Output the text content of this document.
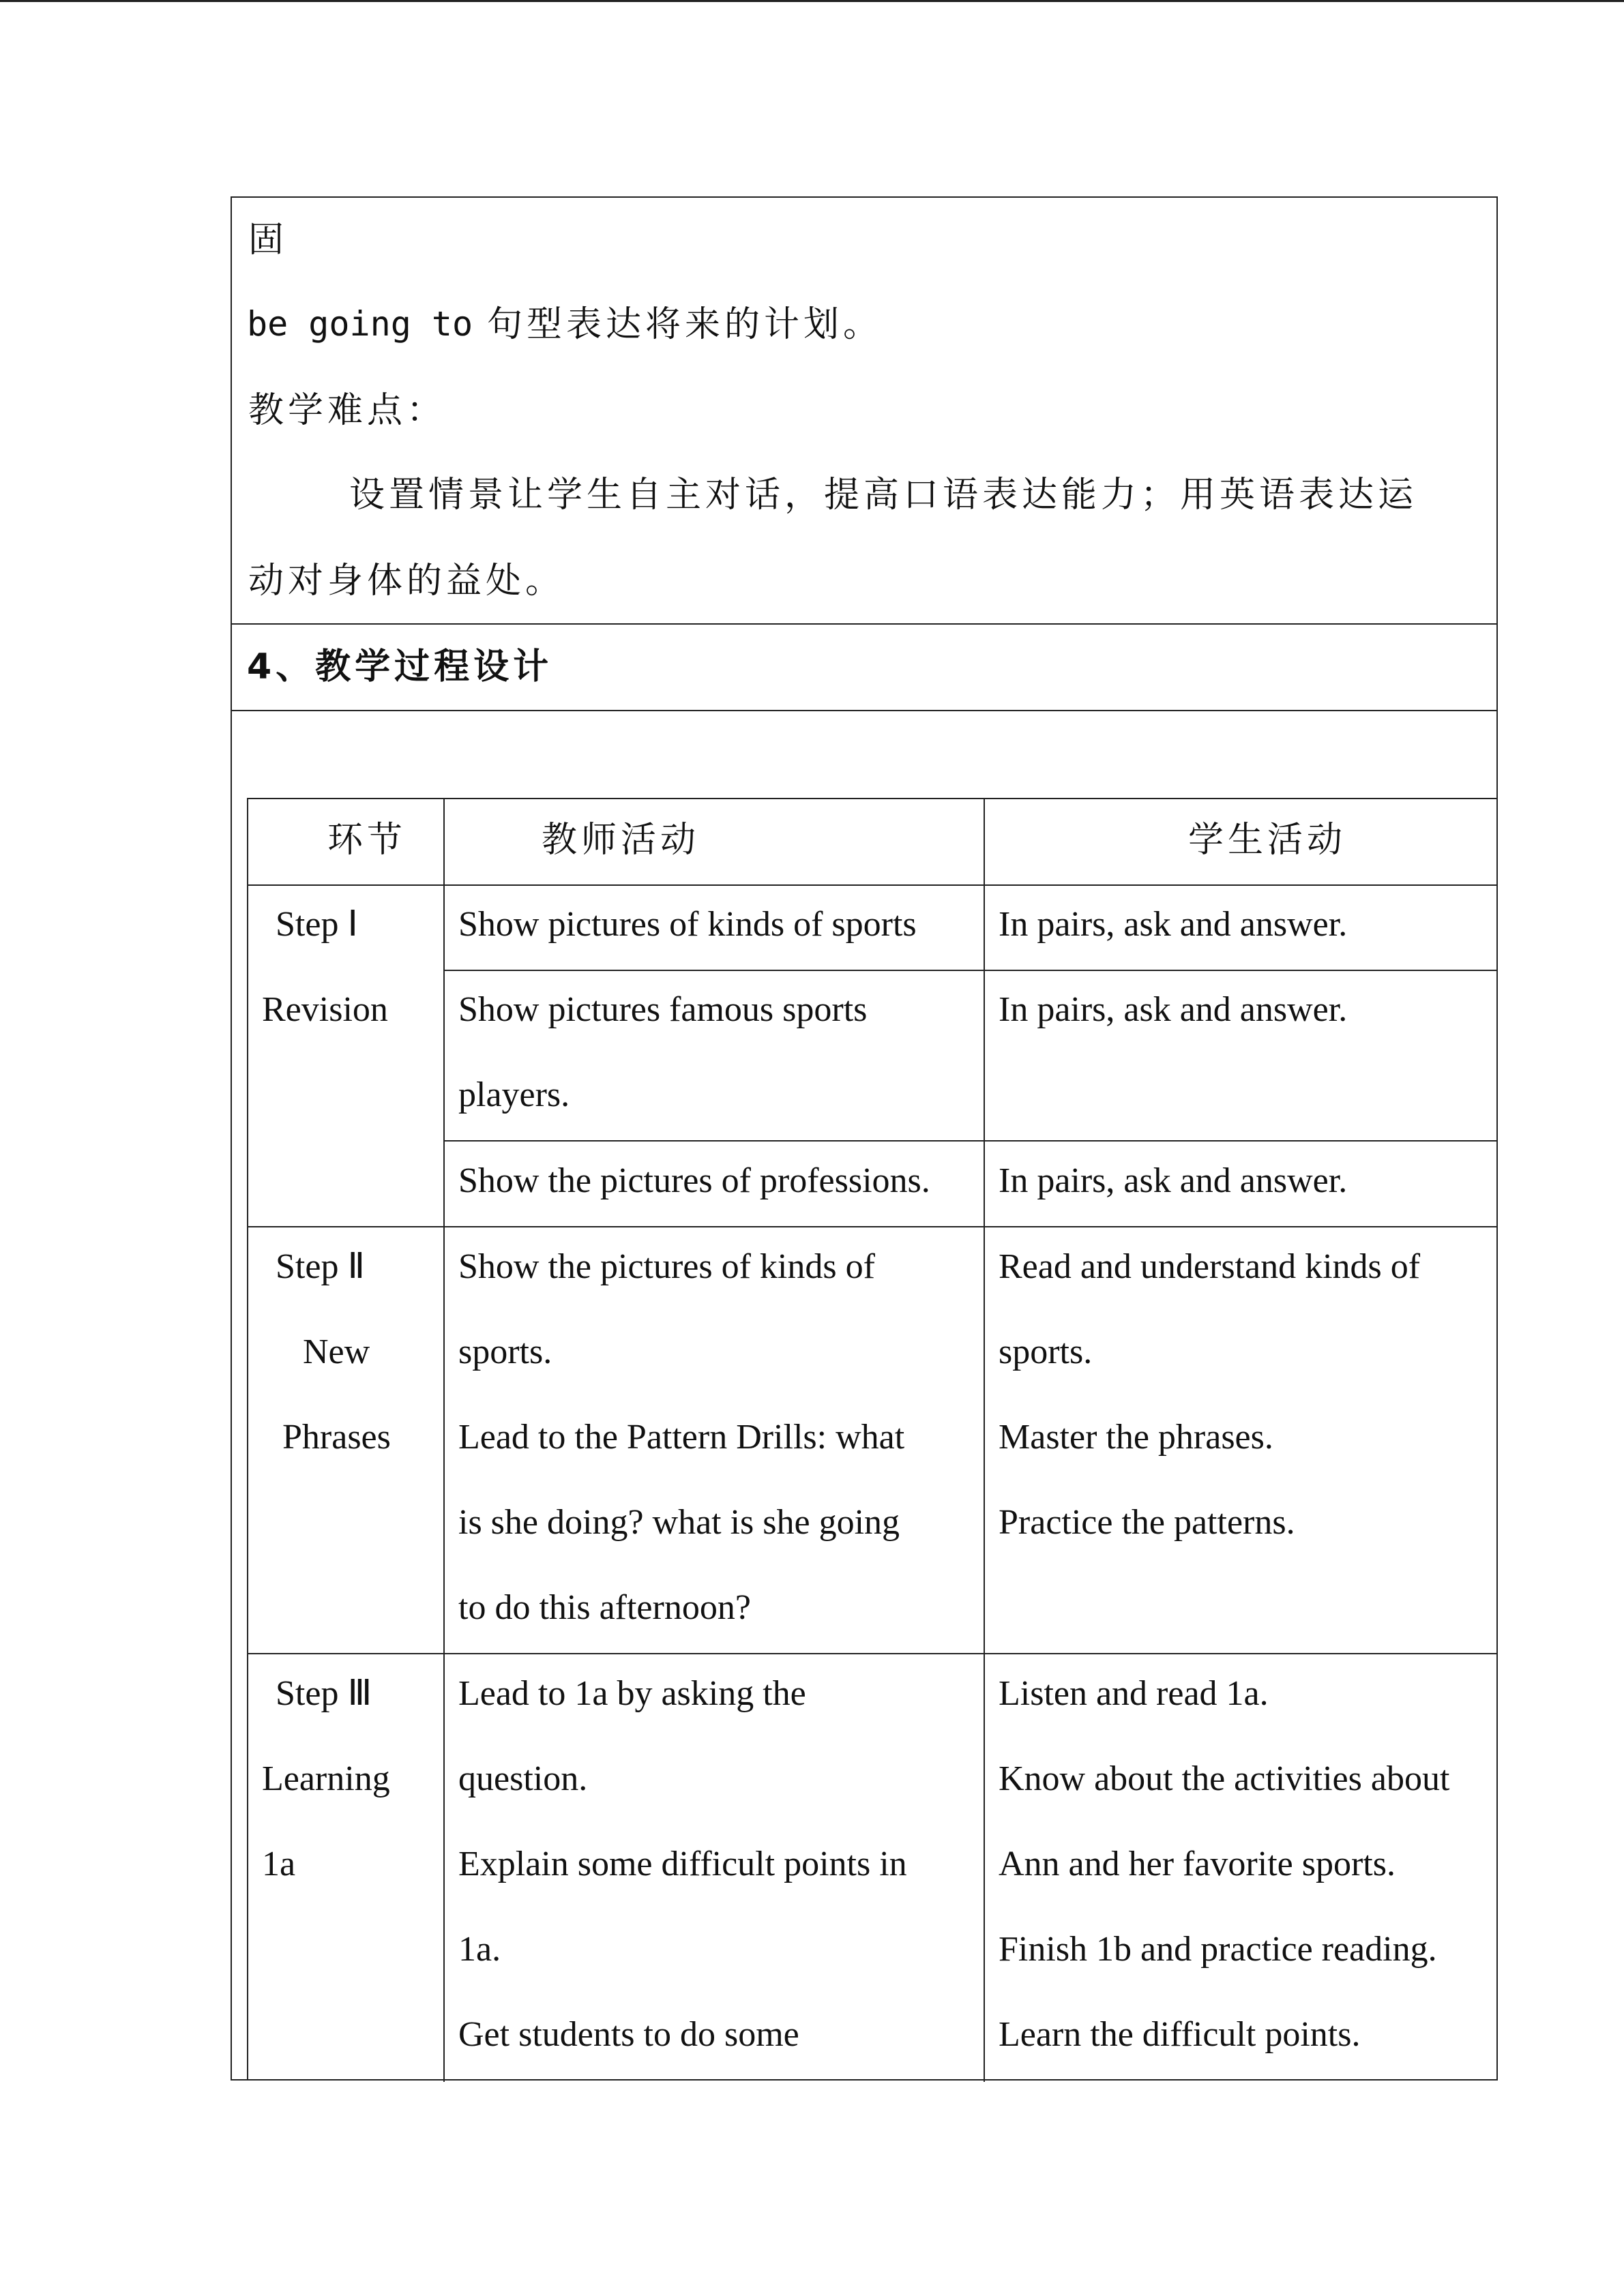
固
be going to 句型表达将来的计划。
教学难点：
设置情景让学生自主对话，提高口语表达能力；用英语表达运
动对身体的益处。
4、教学过程设计
环节	教师活动	学生活动
Step Ⅰ
Revision
Show pictures of kinds of sports In pairs, ask and answer.
Show pictures famous sports
players.
In pairs, ask and answer.
Show the pictures of professions. In pairs, ask and answer.
Step Ⅱ
New
Phrases
Show the pictures of kinds of
sports.
Lead to the Pattern Drills: what
is she doing? what is she going
to do this afternoon?
Read and understand kinds of
sports.
Master the phrases.
Practice the patterns.
Step Ⅲ
Learning
1a
Lead to 1a by asking the
question.
Explain some difficult points in
1a.
Get students to do some
Listen and read 1a.
Know about the activities about
Ann and her favorite sports.
Finish 1b and practice reading.
Learn the difficult points.
